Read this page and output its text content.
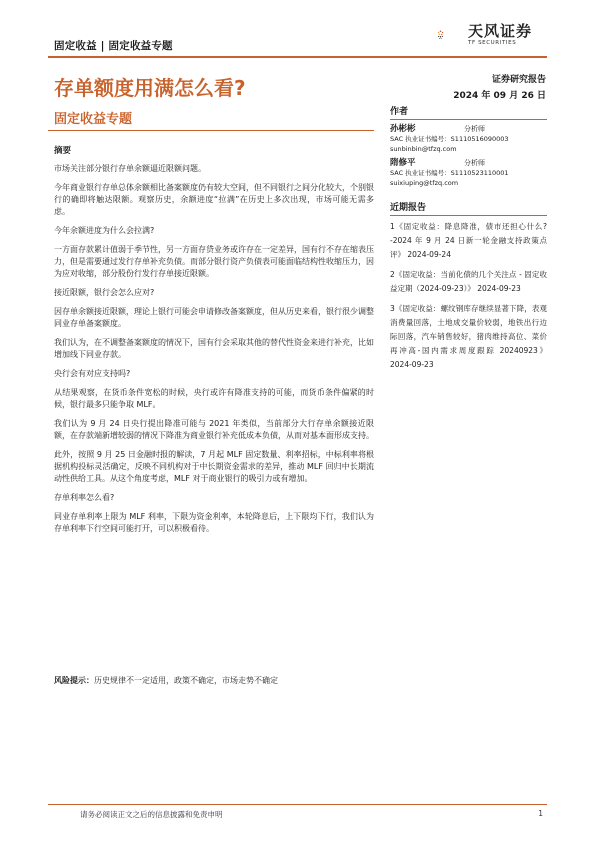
固定收益 | 固定收益专题
天风证券
TF SECURITIES
存单额度用满怎么看?	证券研究报告
2024 年 09 月 26 日
固定收益专题
摘要

市场关注部分银行存单余额逼近限额问题。

今年商业银行存单总体余额相比备案额度仍有较大空间，但不同银行之间分化较大，个别银行的确即将触达限额。观察历史，余额进度“拉满”在历史上多次出现，市场可能无需多虑。

今年余额进度为什么会拉满?

一方面存款累计值弱于季节性，另一方面存贷业务或许存在一定差异，国有行不存在缩表压力，但是需要通过发行存单补充负债。而部分银行资产负债表可能面临结构性收缩压力，因为应对收缩，部分股份行发行存单接近限额。

接近限额，银行会怎么应对?

因存单余额接近限额，理论上银行可能会申请修改备案额度，但从历史来看，银行很少调整同业存单备案额度。

我们认为，在不调整备案额度的情况下，国有行会采取其他的替代性资金来进行补充，比如增加线下同业存款。

央行会有对应支持吗?

从结果观察，在货币条件宽松的时候，央行或许有降准支持的可能，而货币条件偏紧的时候，银行最多只能争取 MLF。

我们认为 9 月 24 日央行提出降准可能与 2021 年类似，当前部分大行存单余额接近限额，在存款端新增较弱的情况下降准为商业银行补充低成本负债，从而对基本面形成支持。

此外，按照 9 月 25 日金融时报的解读，7 月起 MLF 固定数量、利率招标，中标利率将根据机构投标灵活确定，反映不同机构对于中长期资金需求的差异，推动 MLF 回归中长期流动性供给工具。从这个角度考虑，MLF 对于商业银行的吸引力或有增加。

存单利率怎么看?

同业存单利率上限为 MLF 利率，下限为资金利率，本轮降息后，上下限均下行，我们认为存单利率下行空间可能打开，可以积极看待。

风险提示：历史规律不一定适用，政策不确定，市场走势不确定
作者
孙彬彬	分析师
SAC 执业证书编号：S1110516090003
sunbinbin@tfzq.com
隋修平	分析师
SAC 执业证书编号：S1110523110001
suixiuping@tfzq.com
近期报告
1《固定收益：降息降准，债市还担心什么? -2024 年 9 月 24 日新一轮金融支持政策点评》 2024-09-24
2《固定收益：当前化债的几个关注点 - 固定收益定期（2024-09-23）》 2024-09-23
3《固定收益：螺纹钢库存继续显著下降，表观消费量回落，土地成交量价较弱，地铁出行边际回落，汽车销售较好，猪肉维持高位、菜价再冲高-国内需求周度跟踪 20240923》 2024-09-23
请务必阅读正文之后的信息披露和免责申明	1
